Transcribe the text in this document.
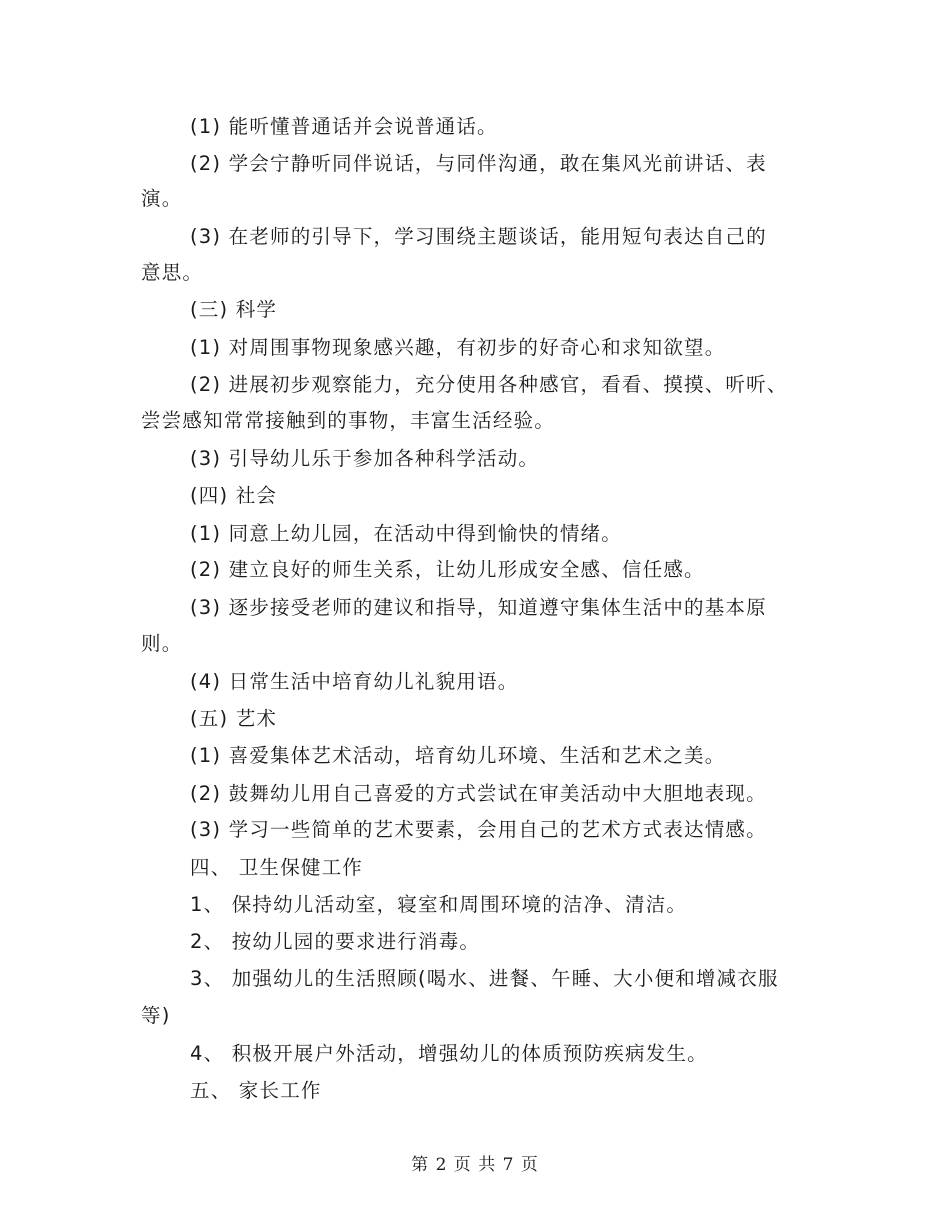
(1) 能听懂普通话并会说普通话。
(2) 学会宁静听同伴说话，与同伴沟通，敢在集风光前讲话、表
演。
(3) 在老师的引导下，学习围绕主题谈话，能用短句表达自己的
意思。
(三) 科学
(1) 对周围事物现象感兴趣，有初步的好奇心和求知欲望。
(2) 进展初步观察能力，充分使用各种感官，看看、摸摸、听听、
尝尝感知常常接触到的事物，丰富生活经验。
(3) 引导幼儿乐于参加各种科学活动。
(四) 社会
(1) 同意上幼儿园，在活动中得到愉快的情绪。
(2) 建立良好的师生关系，让幼儿形成安全感、信任感。
(3) 逐步接受老师的建议和指导，知道遵守集体生活中的基本原
则。
(4) 日常生活中培育幼儿礼貌用语。
(五) 艺术
(1) 喜爱集体艺术活动，培育幼儿环境、生活和艺术之美。
(2) 鼓舞幼儿用自己喜爱的方式尝试在审美活动中大胆地表现。
(3) 学习一些简单的艺术要素，会用自己的艺术方式表达情感。
四、 卫生保健工作
1、 保持幼儿活动室，寝室和周围环境的洁净、清洁。
2、 按幼儿园的要求进行消毒。
3、 加强幼儿的生活照顾(喝水、进餐、午睡、大小便和增减衣服
等)
4、 积极开展户外活动，增强幼儿的体质预防疾病发生。
五、 家长工作
第 2 页 共 7 页
